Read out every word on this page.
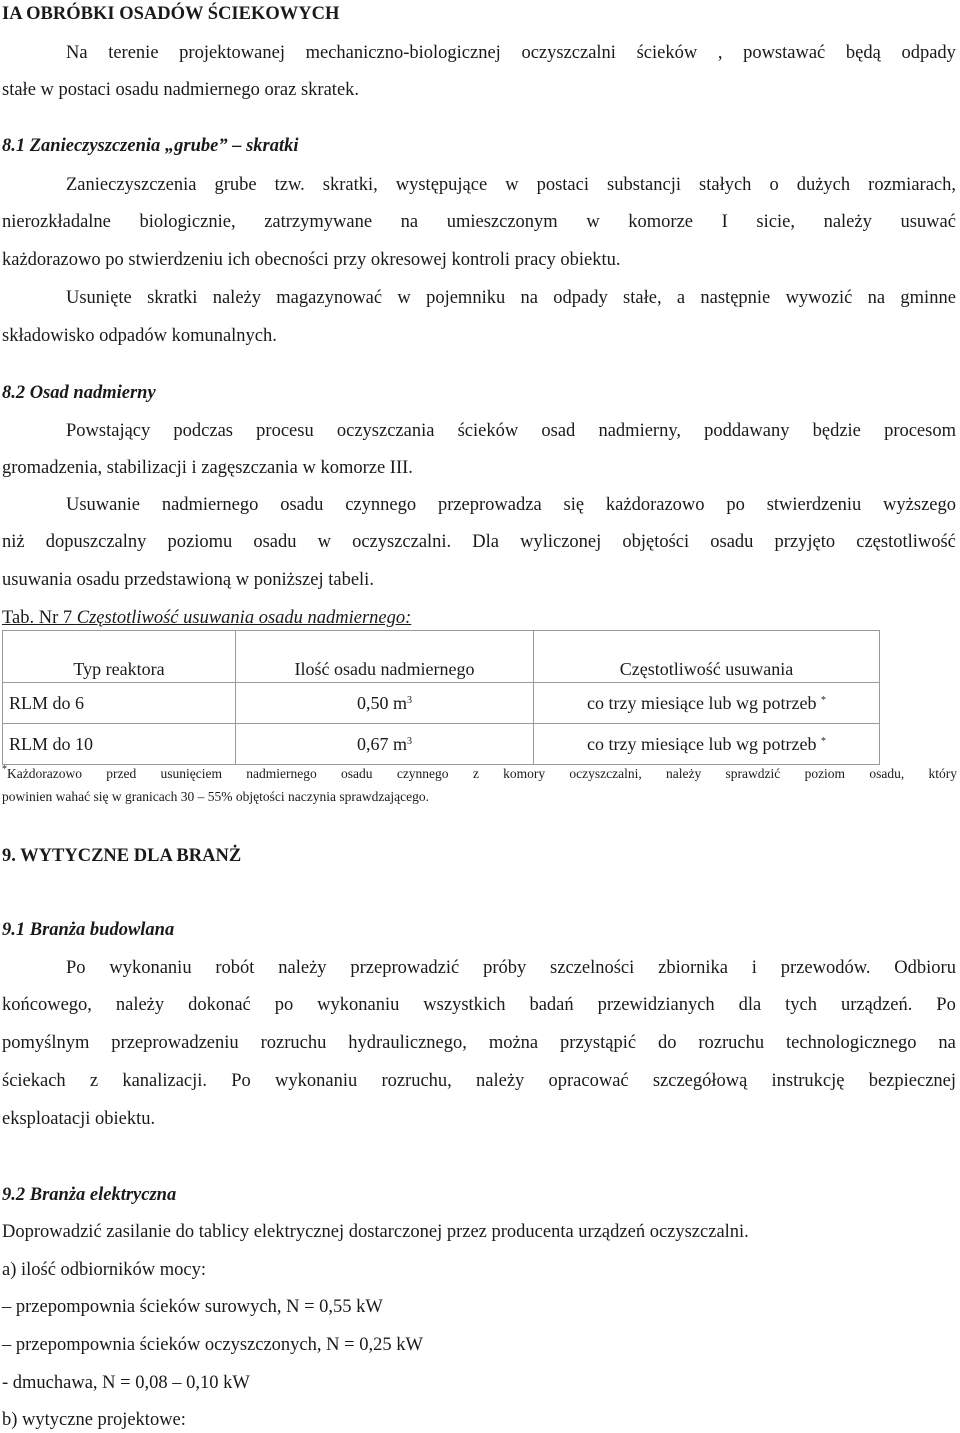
IA OBRÓBKI OSADÓW ŚCIEKOWYCH
Na terenie projektowanej mechaniczno-biologicznej oczyszczalni ścieków , powstawać będą odpady
stałe w postaci osadu nadmiernego oraz skratek.
8.1 Zanieczyszczenia „grube” – skratki
Zanieczyszczenia grube tzw. skratki, występujące w postaci substancji stałych o dużych rozmiarach,
nierozkładalne biologicznie, zatrzymywane na umieszczonym w komorze I sicie, należy usuwać
każdorazowo po stwierdzeniu ich obecności przy okresowej kontroli pracy obiektu.
Usunięte skratki należy magazynować w pojemniku na odpady stałe, a następnie wywozić na gminne
składowisko odpadów komunalnych.
8.2 Osad nadmierny
Powstający podczas procesu oczyszczania ścieków osad nadmierny, poddawany będzie procesom
gromadzenia, stabilizacji i zagęszczania w komorze III.
Usuwanie nadmiernego osadu czynnego przeprowadza się każdorazowo po stwierdzeniu wyższego
niż dopuszczalny poziomu osadu w oczyszczalni. Dla wyliczonej objętości osadu przyjęto częstotliwość
usuwania osadu przedstawioną w poniższej tabeli.
Tab. Nr 7 Częstotliwość usuwania osadu nadmiernego:
Typ reaktora	Ilość osadu nadmiernego	Częstotliwość usuwania
RLM do 6	0,50 $m^3$	co trzy miesiące lub wg potrzeb *
RLM do 10	0,67 $m^3$	co trzy miesiące lub wg potrzeb *
*Każdorazowo przed usunięciem nadmiernego osadu czynnego z komory oczyszczalni, należy sprawdzić poziom osadu, który
powinien wahać się w granicach 30 – 55% objętości naczynia sprawdzającego.
9. WYTYCZNE DLA BRANŻ
9.1 Branża budowlana
Po wykonaniu robót należy przeprowadzić próby szczelności zbiornika i przewodów. Odbioru
końcowego, należy dokonać po wykonaniu wszystkich badań przewidzianych dla tych urządzeń. Po
pomyślnym przeprowadzeniu rozruchu hydraulicznego, można przystąpić do rozruchu technologicznego na
ściekach z kanalizacji. Po wykonaniu rozruchu, należy opracować szczegółową instrukcję bezpiecznej
eksploatacji obiektu.
9.2 Branża elektryczna
Doprowadzić zasilanie do tablicy elektrycznej dostarczonej przez producenta urządzeń oczyszczalni.
a) ilość odbiorników mocy:
– przepompownia ścieków surowych, N = 0,55 kW
– przepompownia ścieków oczyszczonych, N = 0,25 kW
- dmuchawa, N = 0,08 – 0,10 kW
b) wytyczne projektowe:
